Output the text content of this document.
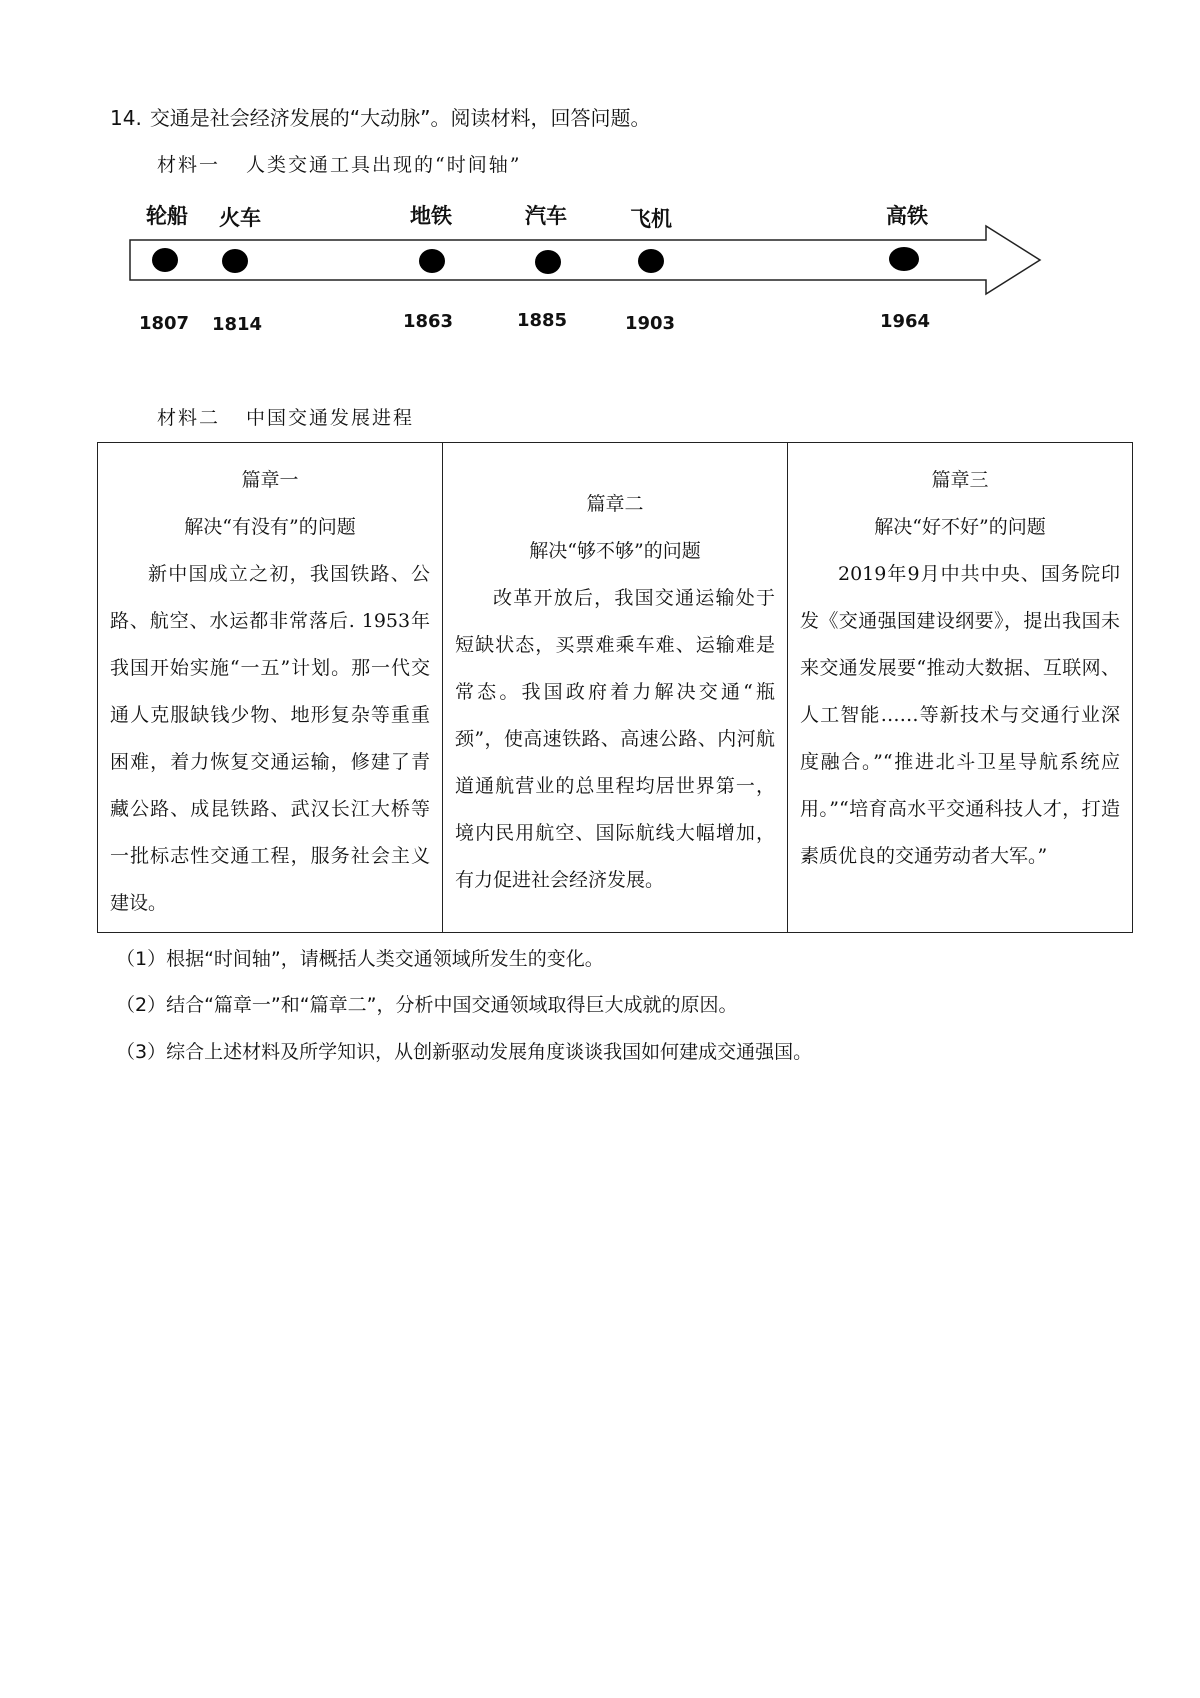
14. 交通是社会经济发展的“大动脉”。阅读材料，回答问题。
材料一 人类交通工具出现的“时间轴”
轮船 火车	地铁	汽车	飞机	高铁
1807 1814	1863	1885	1903	1964
材料二 中国交通发展进程
篇章一
解决“有没有”的问题
新中国成立之初，我国铁路、公路、航空、水运都非常落后. 1953年我国开始实施“一五”计划。那一代交通人克服缺钱少物、地形复杂等重重困难，着力恢复交通运输，修建了青藏公路、成昆铁路、武汉长江大桥等一批标志性交通工程，服务社会主义建设。

篇章二
解决“够不够”的问题
改革开放后，我国交通运输处于短缺状态，买票难乘车难、运输难是常态。我国政府着力解决交通“瓶颈”，使高速铁路、高速公路、内河航道通航营业的总里程均居世界第一，境内民用航空、国际航线大幅增加，有力促进社会经济发展。

篇章三
解决“好不好”的问题
2019年9月中共中央、国务院印发《交通强国建设纲要》，提出我国未来交通发展要“推动大数据、互联网、人工智能……等新技术与交通行业深度融合。”“推进北斗卫星导航系统应用。”“培育高水平交通科技人才，打造素质优良的交通劳动者大军。”
（1）根据“时间轴”，请概括人类交通领域所发生的变化。
（2）结合“篇章一”和“篇章二”，分析中国交通领域取得巨大成就的原因。
（3）综合上述材料及所学知识，从创新驱动发展角度谈谈我国如何建成交通强国。
